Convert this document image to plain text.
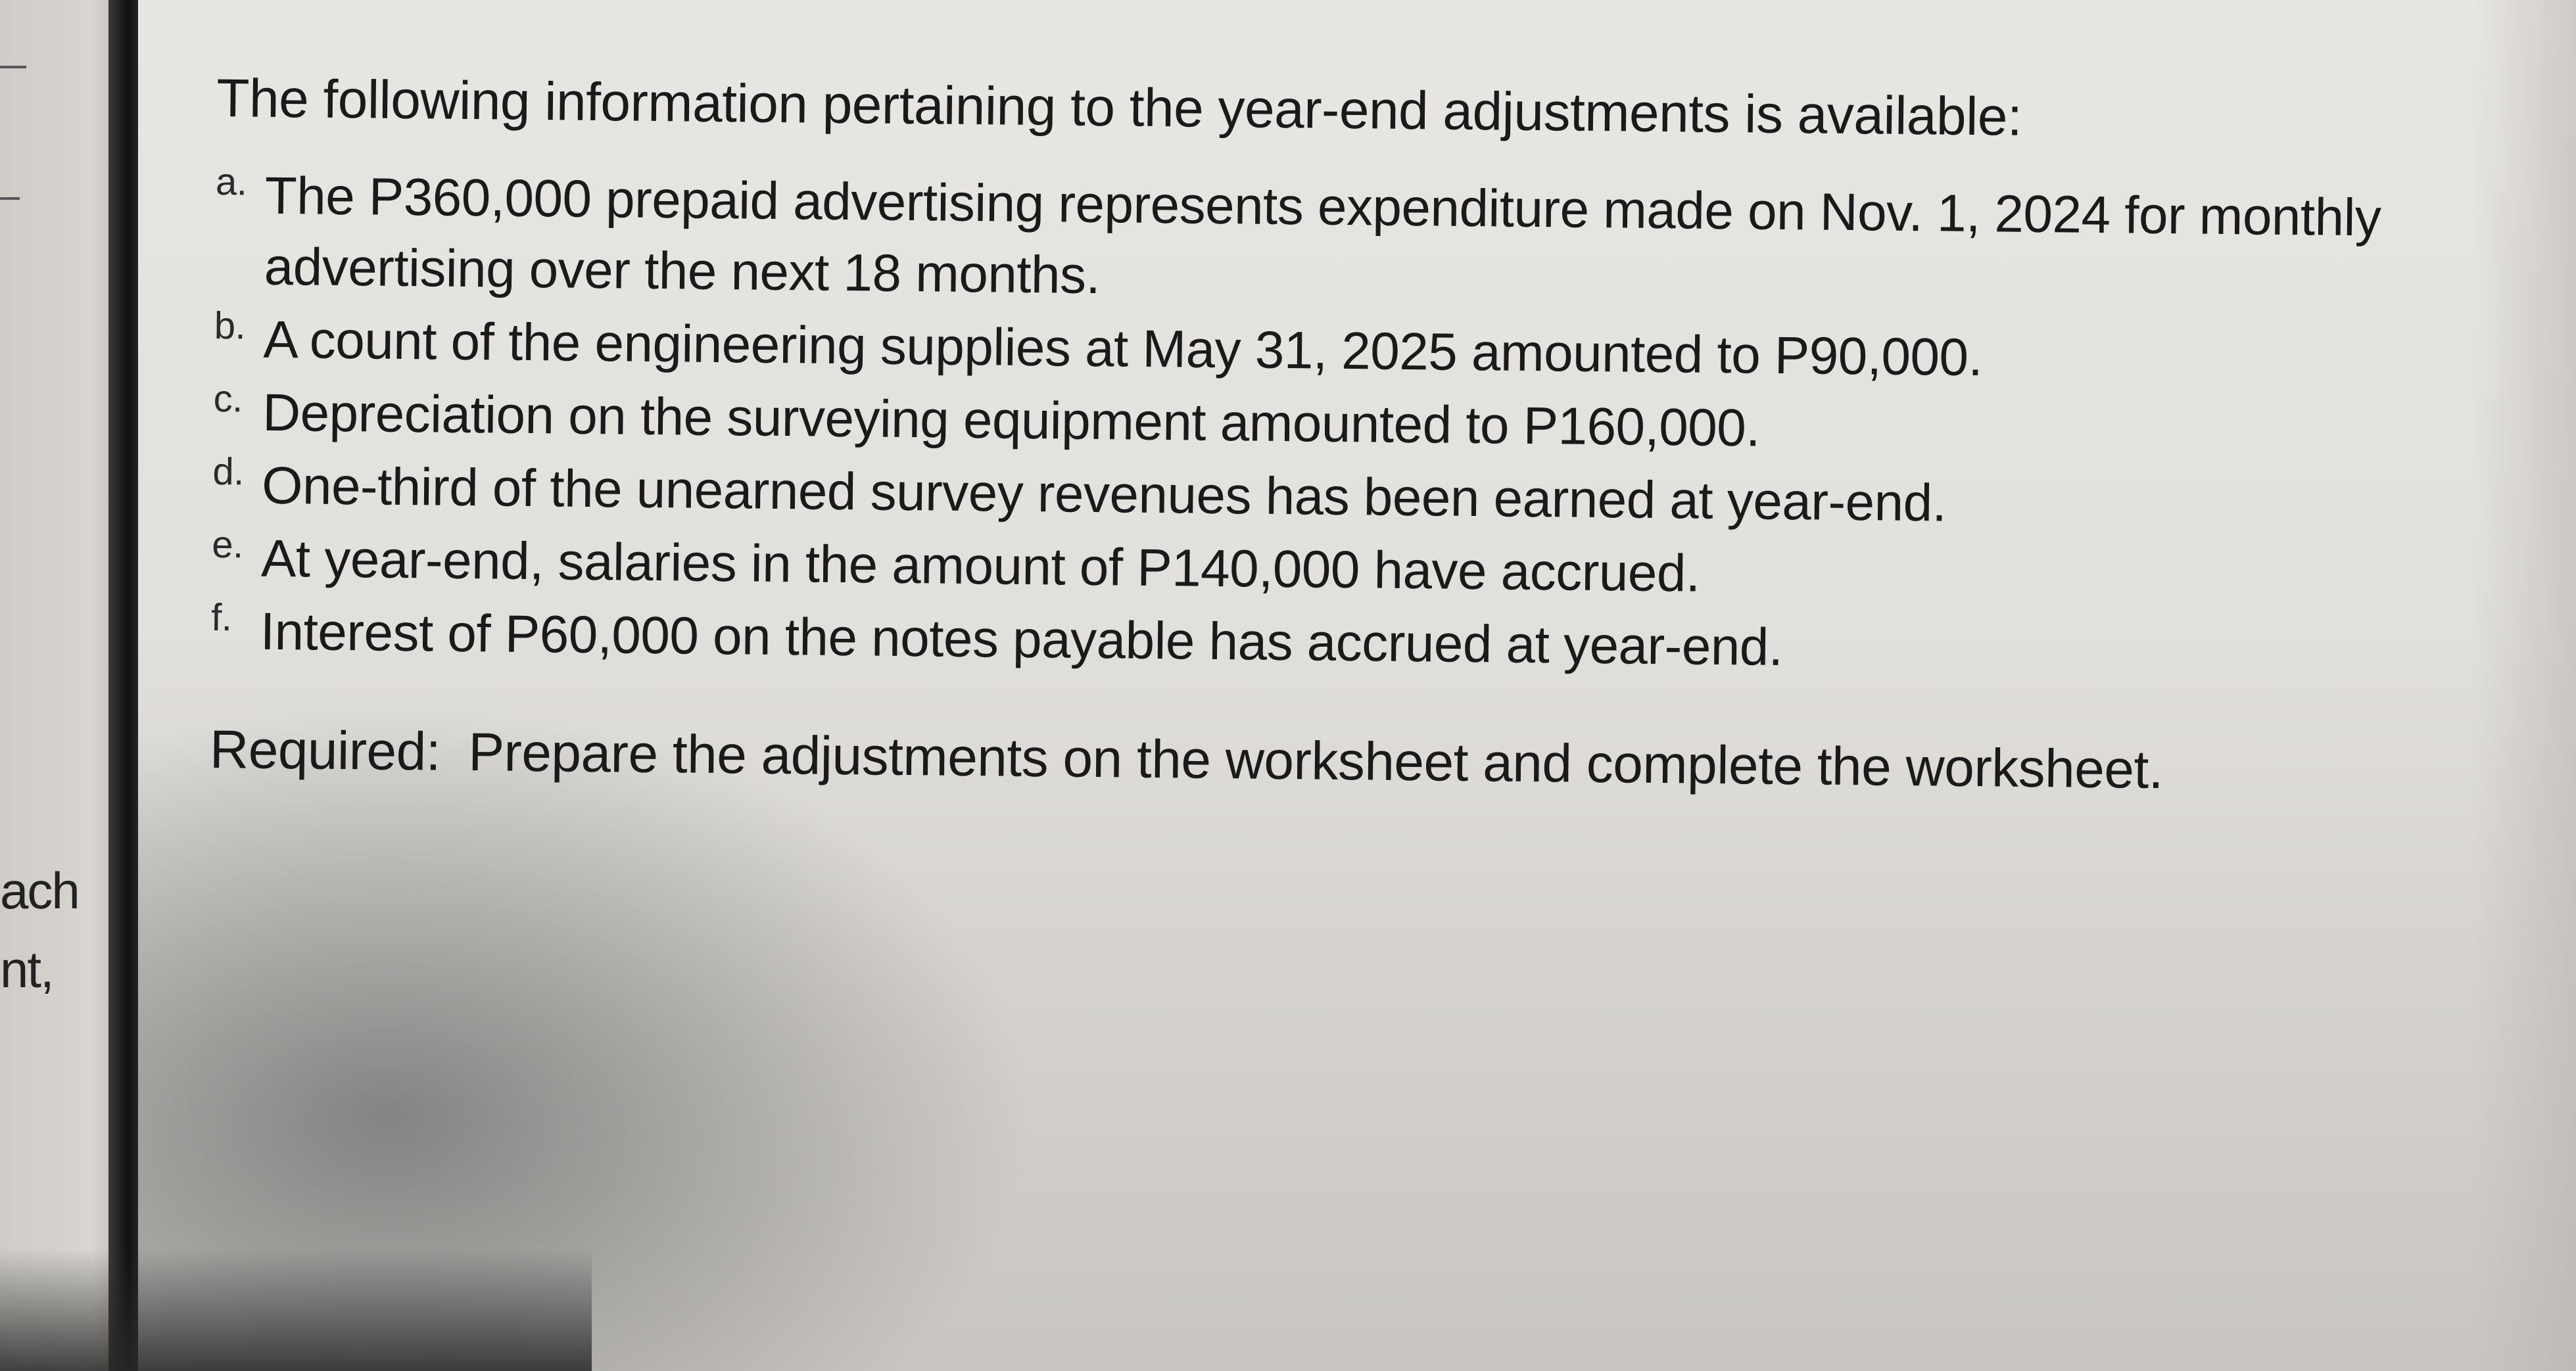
ach
nt,

The following information pertaining to the year-end adjustments is available:

a. The P360,000 prepaid advertising represents expenditure made on Nov. 1, 2024 for monthly advertising over the next 18 months.
b. A count of the engineering supplies at May 31, 2025 amounted to P90,000.
c. Depreciation on the surveying equipment amounted to P160,000.
d. One-third of the unearned survey revenues has been earned at year-end.
e. At year-end, salaries in the amount of P140,000 have accrued.
f. Interest of P60,000 on the notes payable has accrued at year-end.
Required: Prepare the adjustments on the worksheet and complete the worksheet.
